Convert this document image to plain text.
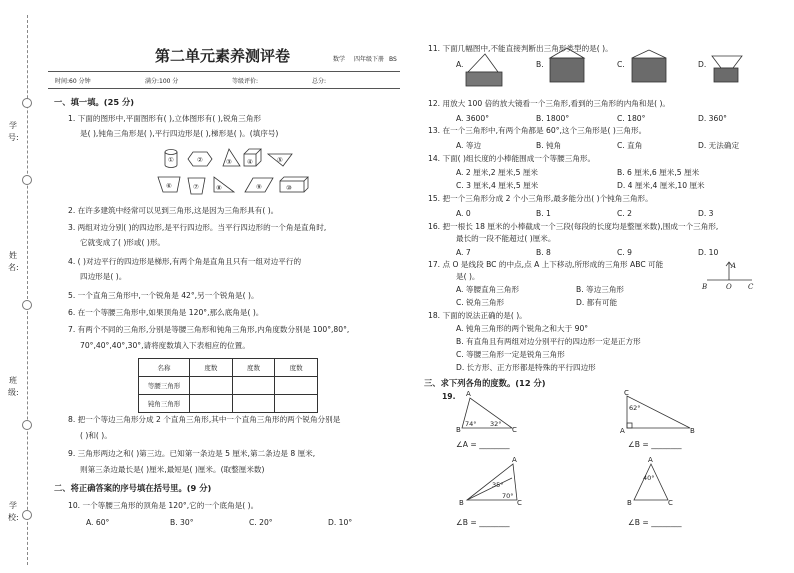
学号:
姓名:
班级:
学校:
第二单元素养测评卷	数学 四年级下册 BS
时间:60 分钟	满分:100 分	等级评价:	总分:
一、填一填。(25 分)
1. 下面的图形中,平面图形有( ),立体图形有( ),锐角三角形
是( ),钝角三角形是( ),平行四边形是( ),梯形是( )。(填序号)
①	②	③ ④	⑤
⑥	⑦	⑧	⑨	⑩
2. 在许多建筑中经常可以见到三角形,这是因为三角形具有( )。
3. 两组对边分别( )的四边形,是平行四边形。当平行四边形的一个角是直角时,
它就变成了( )形或( )形。
4. ( )对边平行的四边形是梯形,有两个角是直角且只有一组对边平行的
四边形是( )。
5. 一个直角三角形中,一个锐角是 42°,另一个锐角是( )。
6. 在一个等腰三角形中,如果顶角是 120°,那么底角是( )。
7. 有两个不同的三角形,分别是等腰三角形和钝角三角形,内角度数分别是 100°,80°,
70°,40°,40°,30°,请将度数填入下表相应的位置。
名称	度数	度数	度数
等腰三角形			
钝角三角形			
8. 把一个等边三角形分成 2 个直角三角形,其中一个直角三角形的两个锐角分别是
( )和( )。
9. 三角形两边之和( )第三边。已知第一条边是 5 厘米,第二条边是 8 厘米,
则第三条边最长是( )厘米,最短是( )厘米。(取整厘米数)
二、将正确答案的序号填在括号里。(9 分)
10. 一个等腰三角形的顶角是 120°,它的一个底角是( )。
A. 60°	B. 30°	C. 20°	D. 10°
11. 下面几幅图中,不能直接判断出三角形类型的是( )。
A.	B.	C.	D.
12. 用放大 100 倍的放大镜看一个三角形,看到的三角形的内角和是( )。
A. 3600°	B. 1800°	C. 180°	D. 360°
13. 在一个三角形中,有两个角都是 60°,这个三角形是( )三角形。
A. 等边	B. 钝角	C. 直角	D. 无法确定
14. 下面( )组长度的小棒能围成一个等腰三角形。
A. 2 厘米,2 厘米,5 厘米	B. 6 厘米,6 厘米,5 厘米
C. 3 厘米,4 厘米,5 厘米	D. 4 厘米,4 厘米,10 厘米
15. 把一个三角形分成 2 个小三角形,最多能分出( )个钝角三角形。
A. 0	B. 1	C. 2	D. 3
16. 把一根长 18 厘米的小棒截成一个三段(每段的长度均是整厘米数),围成一个三角形,
最长的一段不能超过( )厘米。
A. 7	B. 8	C. 9	D. 10
17. 点 O 是线段 BC 的中点,点 A 上下移动,所形成的三角形 ABC 可能
是( )。
A. 等腰直角三角形	B. 等边三角形
C. 锐角三角形	D. 都有可能
A
B	O C
18. 下面的说法正确的是( )。
A. 钝角三角形的两个锐角之和大于 90°
B. 有直角且有两组对边分别平行的四边形一定是正方形
C. 等腰三角形一定是锐角三角形
D. 长方形、正方形都是特殊的平行四边形
三、求下列各角的度数。(12 分)
19. A
B	C
74° 32°
C
A	B
62°
A
B	C
35°
70°
A
B	C
40°
∠A = ________	∠B = ________
∠B = ________	∠B = ________
